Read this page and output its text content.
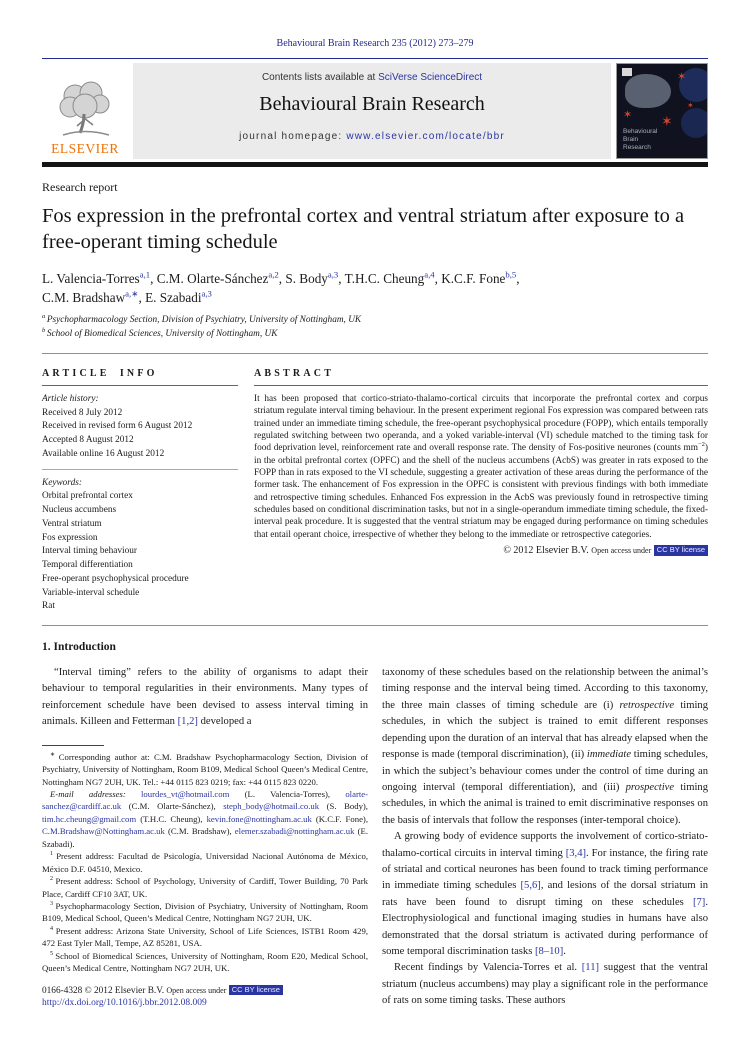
Behavioural Brain Research 235 (2012) 273–279
ELSEVIER
Contents lists available at SciVerse ScienceDirect
Behavioural Brain Research
journal homepage: www.elsevier.com/locate/bbr
✶
✶ ✶
✶
Behavioural
Brain
Research
Research report
Fos expression in the prefrontal cortex and ventral striatum after exposure to a free-operant timing schedule
L. Valencia-Torres$^{a,1}$, C.M. Olarte-Sánchez$^{a,2}$, S. Body$^{a,3}$, T.H.C. Cheung$^{a,4}$, K.C.F. Fone$^{b,5}$,
C.M. Bradshaw$^{a,∗}$, E. Szabadi$^{a,3}$
$^a$ Psychopharmacology Section, Division of Psychiatry, University of Nottingham, UK
$^b$ School of Biomedical Sciences, University of Nottingham, UK
ARTICLE INFO
Article history:
Received 8 July 2012
Received in revised form 6 August 2012
Accepted 8 August 2012
Available online 16 August 2012
Keywords:
Orbital prefrontal cortex
Nucleus accumbens
Ventral striatum
Fos expression
Interval timing behaviour
Temporal differentiation
Free-operant psychophysical procedure
Variable-interval schedule
Rat
ABSTRACT

It has been proposed that cortico-striato-thalamo-cortical circuits that incorporate the prefrontal cortex and corpus striatum regulate interval timing behaviour. In the present experiment regional Fos expression was compared between rats trained under an immediate timing schedule, the free-operant psychophysical procedure (FOPP), which entails temporally regulated switching between two operanda, and a yoked variable-interval (VI) schedule matched to the timing task for food deprivation level, reinforcement rate and overall response rate. The density of Fos-positive neurones (counts $mm^{-2}$) in the orbital prefrontal cortex (OPFC) and the shell of the nucleus accumbens (AcbS) was greater in rats exposed to the FOPP than in rats exposed to the VI schedule, suggesting a greater activation of these areas during the performance of the former task. The enhancement of Fos expression in the OPFC is consistent with previous findings with both immediate and retrospective timing schedules. Enhanced Fos expression in the AcbS was previously found in retrospective timing schedules based on conditional discrimination tasks, but not in a single-operandum immediate timing schedule, the fixed-interval peak procedure. It is suggested that the ventral striatum may be engaged during performance on timing schedules that entail operant choice, irrespective of whether they belong to the immediate or retrospective categories.

© 2012 Elsevier B.V. Open access under CC BY license
1. Introduction

“Interval timing” refers to the ability of organisms to adapt their behaviour to temporal regularities in their environments. Many types of reinforcement schedule have been devised to assess interval timing in animals. Killeen and Fetterman [1,2] developed a

∗ Corresponding author at: C.M. Bradshaw Psychopharmacology Section, Division of Psychiatry, University of Nottingham, Room B109, Medical School Queen’s Medical Centre, Nottingham NG7 2UH, UK. Tel.: +44 0115 823 0219; fax: +44 0115 823 0220.
E-mail addresses: lourdes_vt@hotmail.com (L. Valencia-Torres), olarte-sanchez@cardiff.ac.uk (C.M. Olarte-Sánchez), steph_body@hotmail.co.uk (S. Body), tim.hc.cheung@gmail.com (T.H.C. Cheung), kevin.fone@nottingham.ac.uk (K.C.F. Fone), C.M.Bradshaw@Nottingham.ac.uk (C.M. Bradshaw), elemer.szabadi@nottingham.ac.uk (E. Szabadi).
$^1$ Present address: Facultad de Psicología, Universidad Nacional Autónoma de México, México D.F. 04510, Mexico.
$^2$ Present address: School of Psychology, University of Cardiff, Tower Building, 70 Park Place, Cardiff CF10 3AT, UK.
$^3$ Psychopharmacology Section, Division of Psychiatry, University of Nottingham, Room B109, Medical School, Queen’s Medical Centre, Nottingham NG7 2UH, UK.
$^4$ Present address: Arizona State University, School of Life Sciences, ISTB1 Room 429, 472 East Tyler Mall, Tempe, AZ 85281, USA.
$^5$ School of Biomedical Sciences, University of Nottingham, Room E20, Medical School, Queen’s Medical Centre, Nottingham NG7 2UH, UK.
0166-4328 © 2012 Elsevier B.V. Open access under CC BY license
http://dx.doi.org/10.1016/j.bbr.2012.08.009

taxonomy of these schedules based on the relationship between the animal’s timing response and the interval being timed. According to this taxonomy, the three main classes of timing schedule are (i) retrospective timing schedules, in which the subject is trained to emit different responses depending upon the duration of an interval that has already elapsed when the response is made (temporal discrimination), (ii) immediate timing schedules, in which the subject’s behaviour comes under the control of time during an ongoing interval (temporal differentiation), and (iii) prospective timing schedules, in which the animal is trained to emit discriminative responses on the basis of intervals that follow the responses (inter-temporal choice).

A growing body of evidence supports the involvement of cortico-striato-thalamo-cortical circuits in interval timing [3,4]. For instance, the firing rate of striatal and cortical neurones has been found to track timing performance in immediate timing schedules [5,6], and lesions of the dorsal striatum in rats have been found to disrupt timing on these schedules [7]. Electrophysiological and functional imaging studies in humans have also demonstrated that the dorsal striatum is activated during performance of some temporal discrimination tasks [8–10].

Recent findings by Valencia-Torres et al. [11] suggest that the ventral striatum (nucleus accumbens) may play a significant role in the performance of rats on some timing tasks. These authors
